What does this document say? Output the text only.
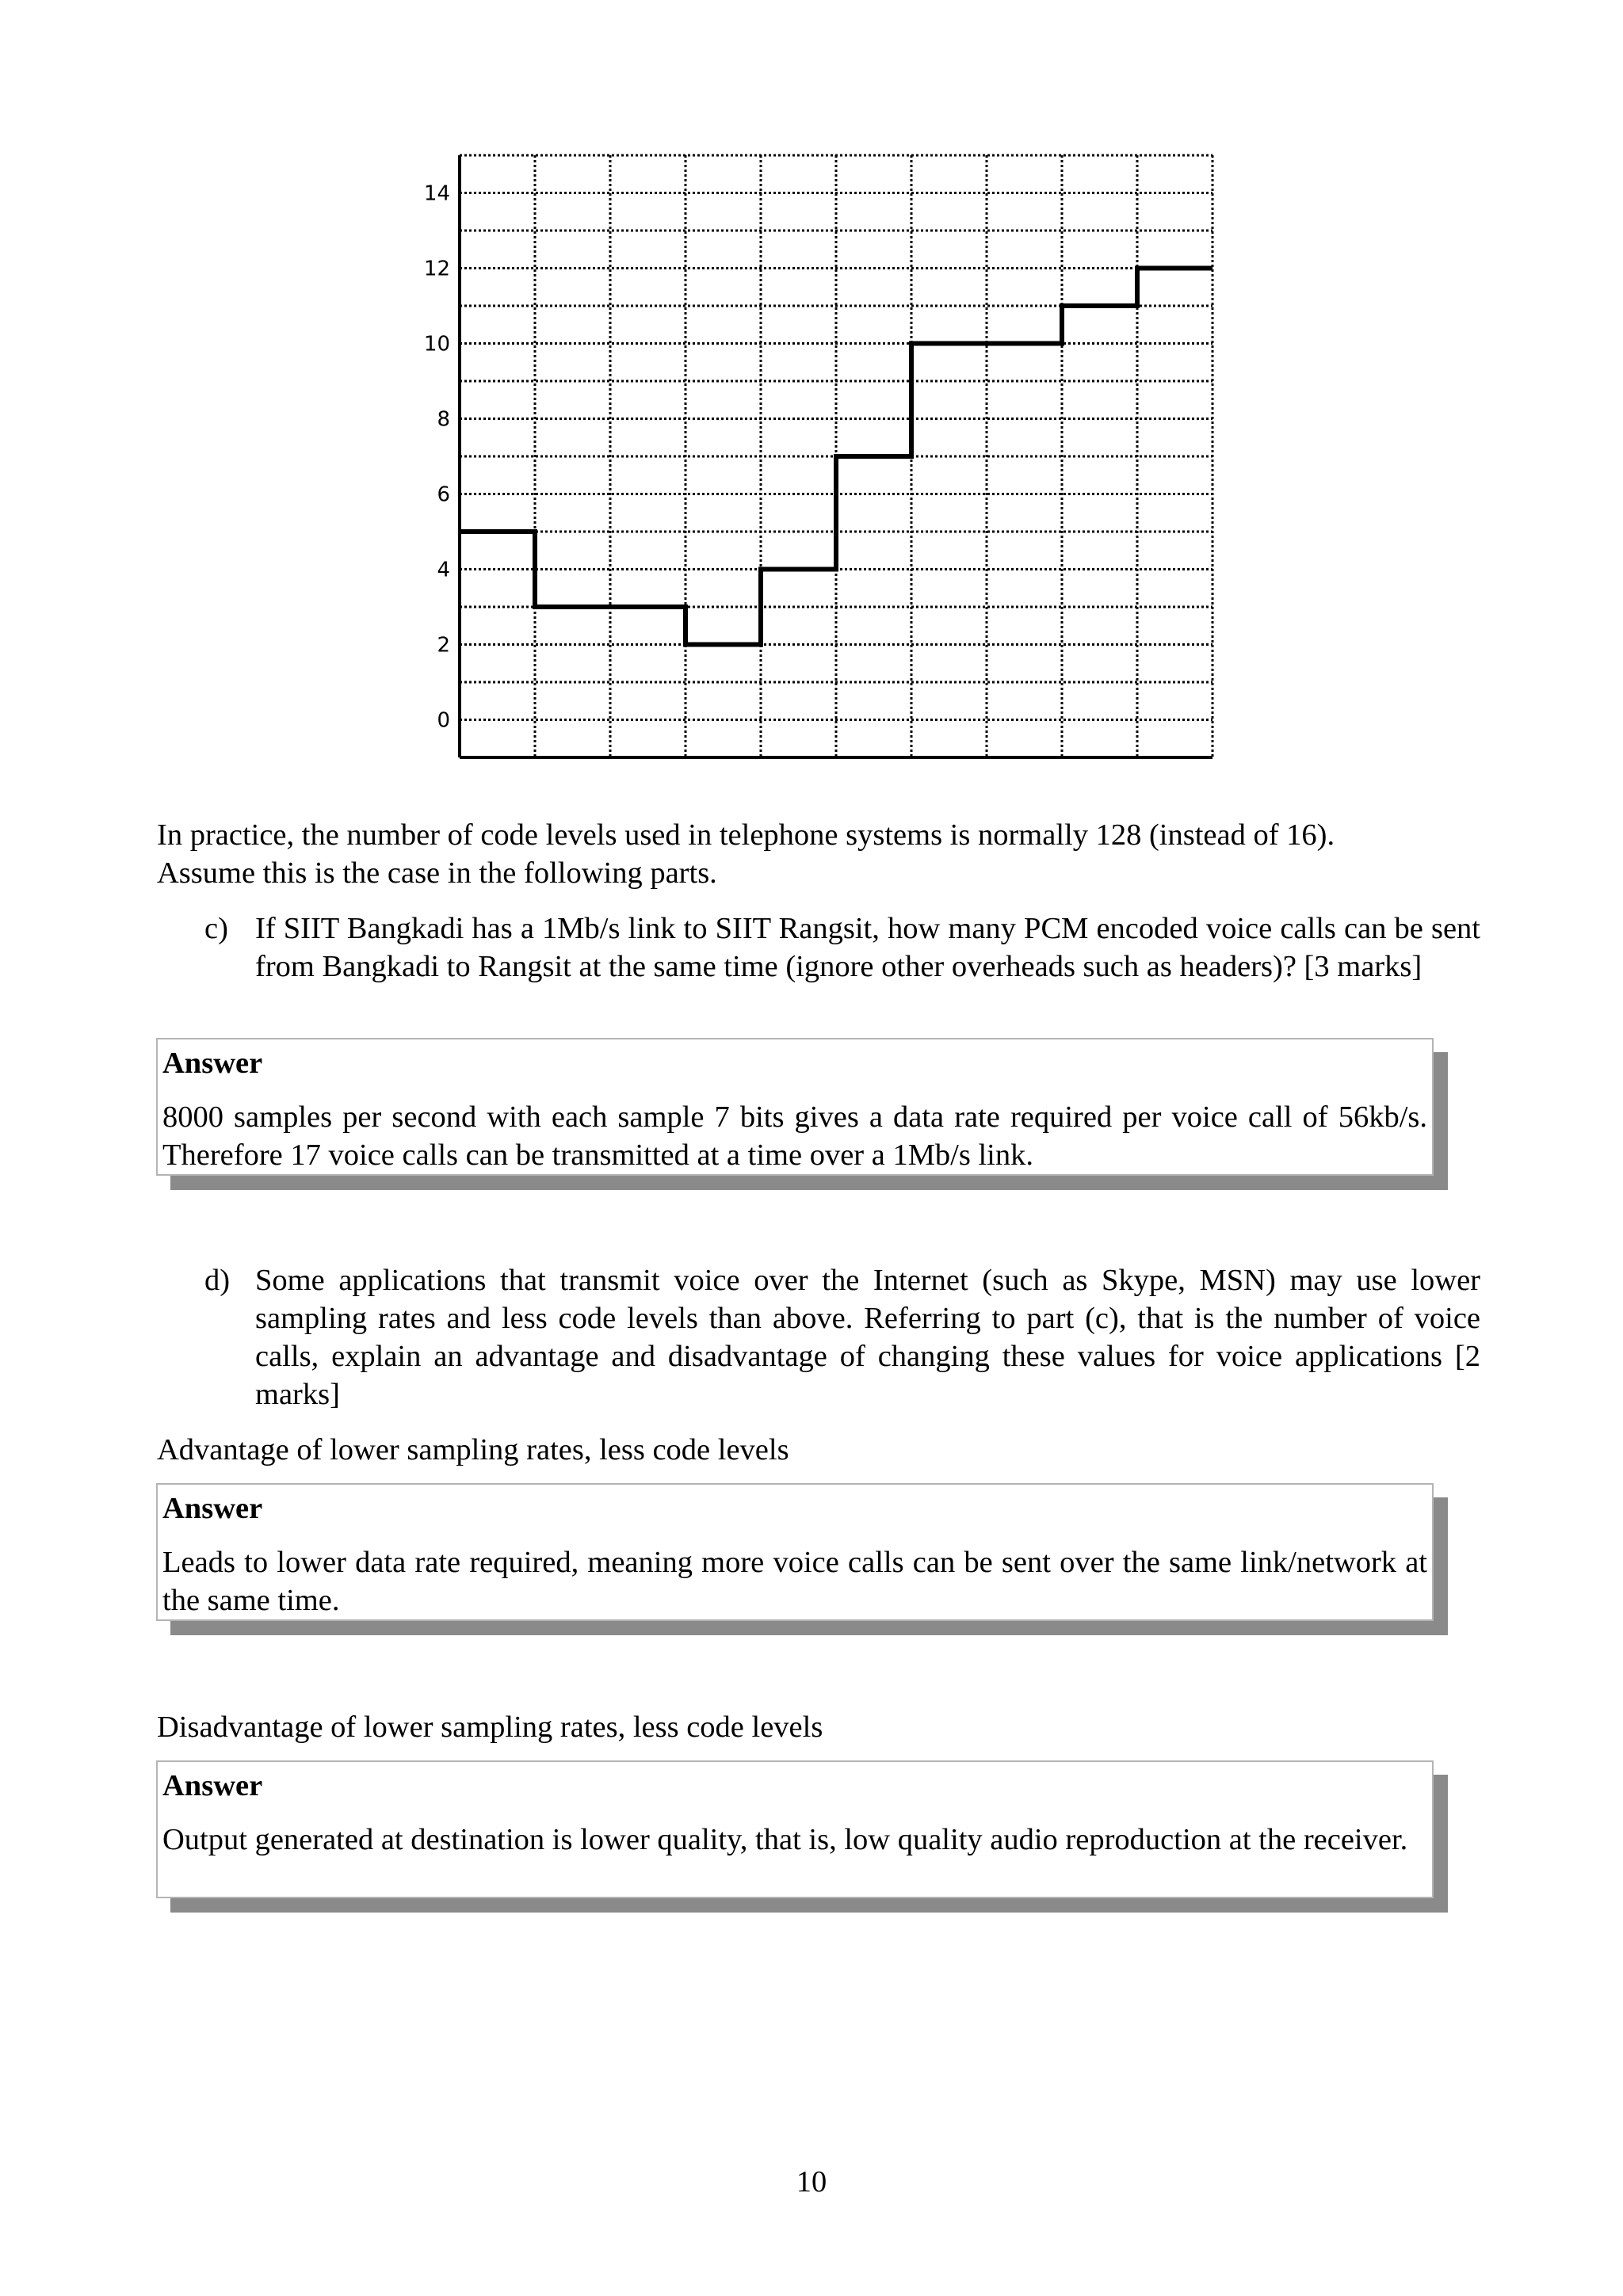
0
2
4
6
8
10
12
14
In practice, the number of code levels used in telephone systems is normally 128 (instead of 16).
Assume this is the case in the following parts.
c) If SIIT Bangkadi has a 1Mb/s link to SIIT Rangsit, how many PCM encoded voice calls can be sent from Bangkadi to Rangsit at the same time (ignore other overheads such as headers)? [3 marks]
Answer
8000 samples per second with each sample 7 bits gives a data rate required per voice call of 56kb/s. Therefore 17 voice calls can be transmitted at a time over a 1Mb/s link.
d) Some applications that transmit voice over the Internet (such as Skype, MSN) may use lower sampling rates and less code levels than above. Referring to part (c), that is the number of voice calls, explain an advantage and disadvantage of changing these values for voice applications [2 marks]
Advantage of lower sampling rates, less code levels
Answer
Leads to lower data rate required, meaning more voice calls can be sent over the same link/network at the same time.
Disadvantage of lower sampling rates, less code levels
Answer
Output generated at destination is lower quality, that is, low quality audio reproduction at the receiver.
10
